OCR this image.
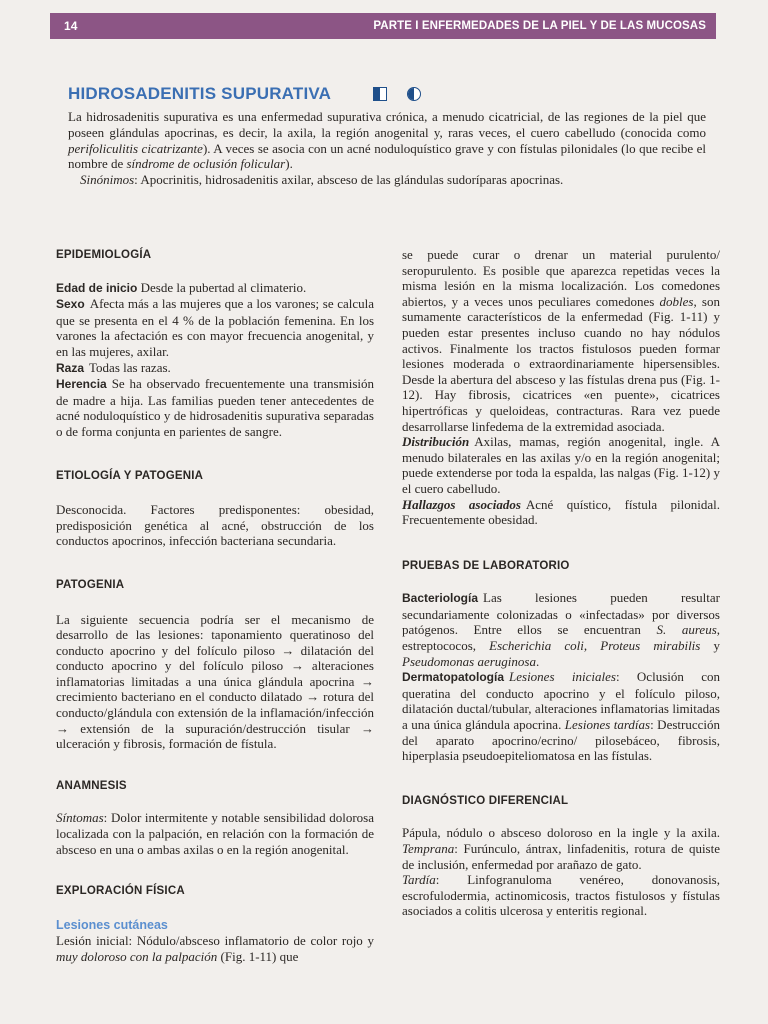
14	PARTE I ENFERMEDADES DE LA PIEL Y DE LAS MUCOSAS
HIDROSADENITIS SUPURATIVA

La hidrosadenitis supurativa es una enfermedad supurativa crónica, a menudo cicatricial, de las regiones de la piel que poseen glándulas apocrinas, es decir, la axila, la región anogenital y, raras veces, el cuero cabelludo (conocida como perifoliculitis cicatrizante). A veces se asocia con un acné noduloquístico grave y con fístulas pilonidales (lo que recibe el nombre de síndrome de oclusión folicular).

Sinónimos: Apocrinitis, hidrosadenitis axilar, absceso de las glándulas sudoríparas apocrinas.

EPIDEMIOLOGÍA

Edad de inicio Desde la pubertad al climaterio.

Sexo Afecta más a las mujeres que a los varones; se calcula que se presenta en el 4 % de la población femenina. En los varones la afectación es con mayor frecuencia anogenital, y en las mujeres, axilar.

Raza Todas las razas.

Herencia Se ha observado frecuentemente una transmisión de madre a hija. Las familias pueden tener antecedentes de acné noduloquístico y de hidrosadenitis supurativa separadas o de forma conjunta en parientes de sangre.

ETIOLOGÍA Y PATOGENIA

Desconocida. Factores predisponentes: obesidad, predisposición genética al acné, obstrucción de los conductos apocrinos, infección bacteriana secundaria.

PATOGENIA

La siguiente secuencia podría ser el mecanismo de desarrollo de las lesiones: taponamiento queratinoso del conducto apocrino y del folículo piloso → dilatación del conducto apocrino y del folículo piloso → alteraciones inflamatorias limitadas a una única glándula apocrina → crecimiento bacteriano en el conducto dilatado → rotura del conducto/glándula con extensión de la inflamación/infección → extensión de la supuración/destrucción tisular → ulceración y fibrosis, formación de fístula.

ANAMNESIS

Síntomas: Dolor intermitente y notable sensibilidad dolorosa localizada con la palpación, en relación con la formación de absceso en una o ambas axilas o en la región anogenital.

EXPLORACIÓN FÍSICA
Lesiones cutáneas

Lesión inicial: Nódulo/absceso inflamatorio de color rojo y muy doloroso con la palpación (Fig. 1-11) que

se puede curar o drenar un material purulento/ seropurulento. Es posible que aparezca repetidas veces la misma lesión en la misma localización. Los comedones abiertos, y a veces unos peculiares comedones dobles, son sumamente característicos de la enfermedad (Fig. 1-11) y pueden estar presentes incluso cuando no hay nódulos activos. Finalmente los tractos fistulosos pueden formar lesiones moderada o extraordinariamente hipersensibles. Desde la abertura del absceso y las fístulas drena pus (Fig. 1-12). Hay fibrosis, cicatrices «en puente», cicatrices hipertróficas y queloideas, contracturas. Rara vez puede desarrollarse linfedema de la extremidad asociada.

Distribución Axilas, mamas, región anogenital, ingle. A menudo bilaterales en las axilas y/o en la región anogenital; puede extenderse por toda la espalda, las nalgas (Fig. 1-12) y el cuero cabelludo.

Hallazgos asociados Acné quístico, fístula pilonidal. Frecuentemente obesidad.

PRUEBAS DE LABORATORIO

Bacteriología Las lesiones pueden resultar secundariamente colonizadas o «infectadas» por diversos patógenos. Entre ellos se encuentran S. aureus, estreptococos, Escherichia coli, Proteus mirabilis y Pseudomonas aeruginosa.

Dermatopatología Lesiones iniciales: Oclusión con queratina del conducto apocrino y el folículo piloso, dilatación ductal/tubular, alteraciones inflamatorias limitadas a una única glándula apocrina. Lesiones tardías: Destrucción del aparato apocrino/ecrino/ pilosebáceo, fibrosis, hiperplasia pseudoepiteliomatosa en las fístulas.

DIAGNÓSTICO DIFERENCIAL

Pápula, nódulo o absceso doloroso en la ingle y la axila. Temprana: Furúnculo, ántrax, linfadenitis, rotura de quiste de inclusión, enfermedad por arañazo de gato.
Tardía: Linfogranuloma venéreo, donovanosis, escrofulodermia, actinomicosis, tractos fistulosos y fístulas asociados a colitis ulcerosa y enteritis regional.
